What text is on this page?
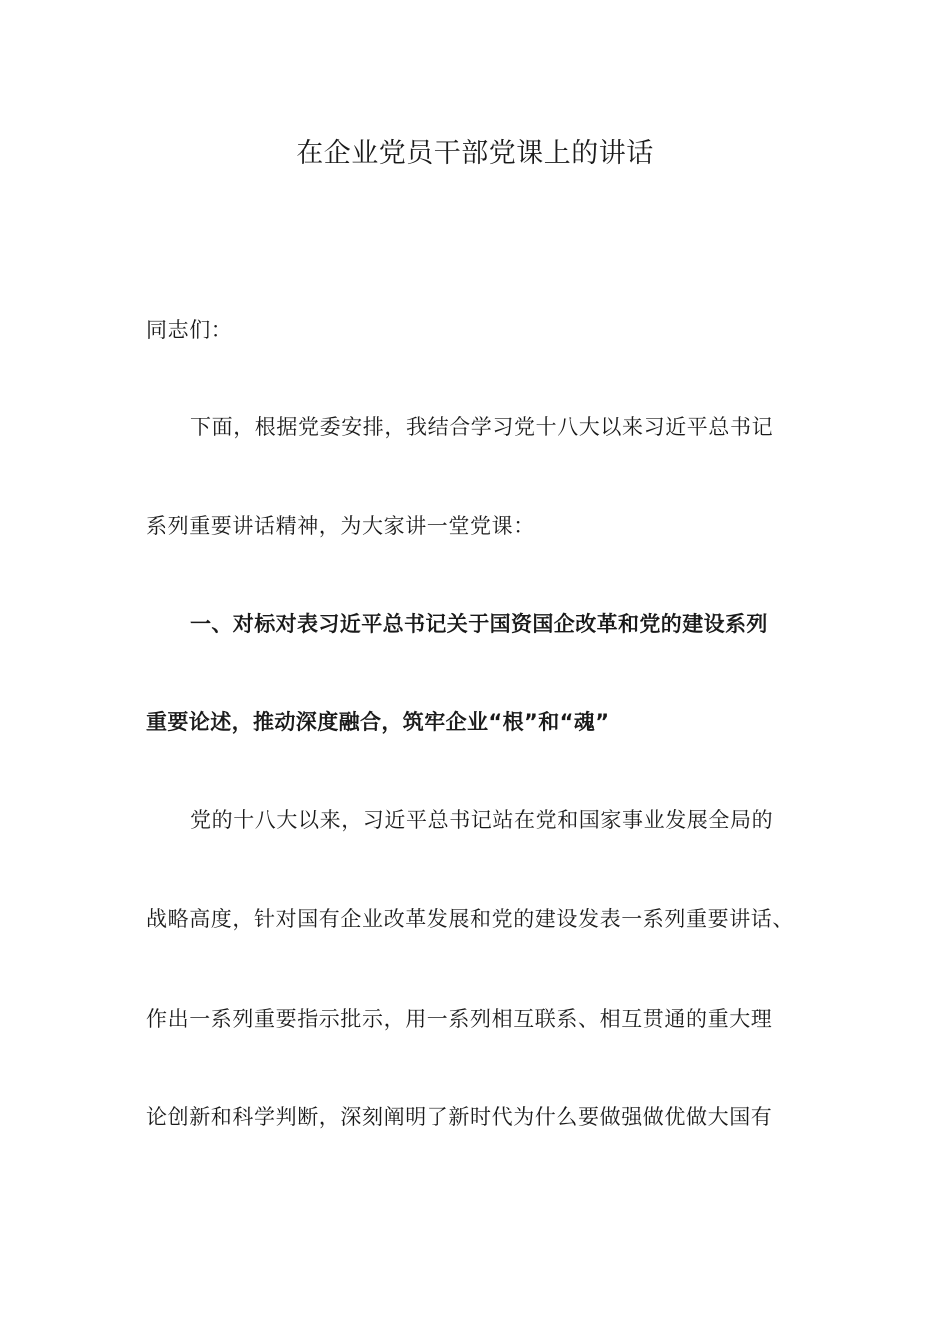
在企业党员干部党课上的讲话

同志们：

下面，根据党委安排，我结合学习党十八大以来习近平总书记

系列重要讲话精神，为大家讲一堂党课：

一、对标对表习近平总书记关于国资国企改革和党的建设系列

重要论述，推动深度融合，筑牢企业“根”和“魂”

党的十八大以来，习近平总书记站在党和国家事业发展全局的

战略高度，针对国有企业改革发展和党的建设发表一系列重要讲话、

作出一系列重要指示批示，用一系列相互联系、相互贯通的重大理

论创新和科学判断，深刻阐明了新时代为什么要做强做优做大国有
